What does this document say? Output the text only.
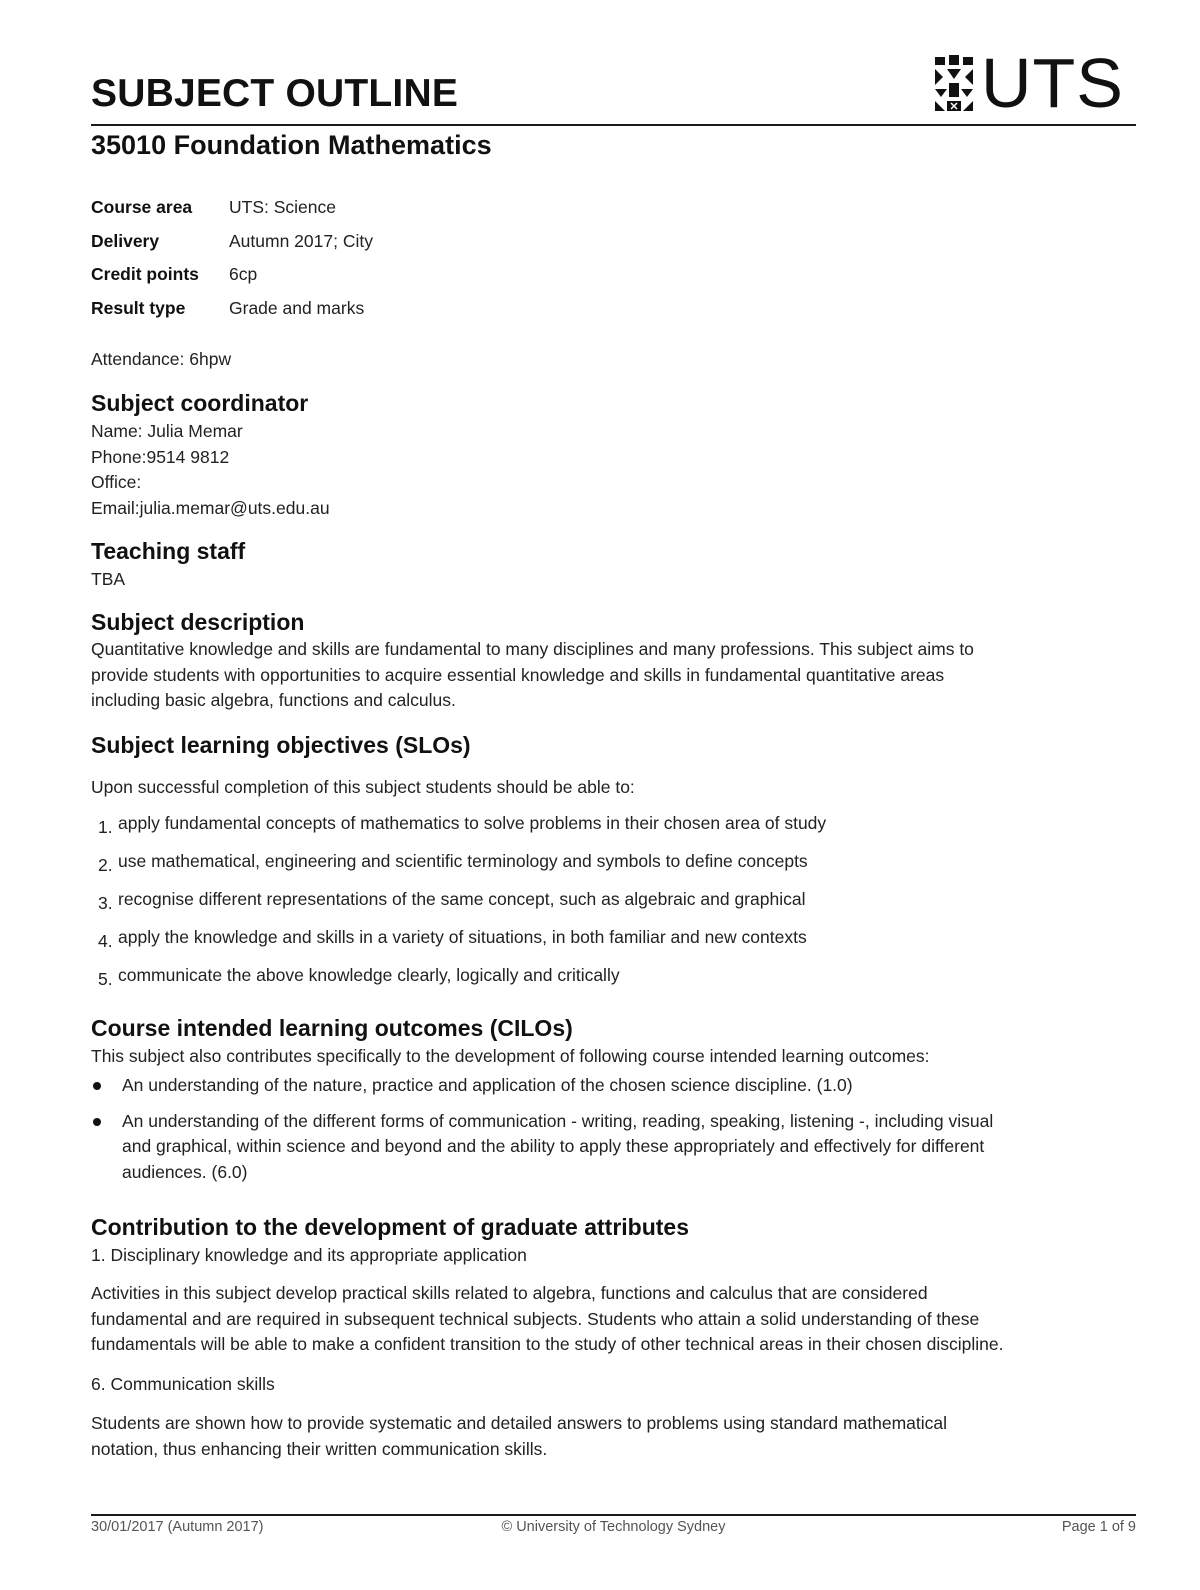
SUBJECT OUTLINE	UTS
35010 Foundation Mathematics
Course area	UTS: Science
Delivery	Autumn 2017; City
Credit points	6cp
Result type	Grade and marks
Attendance: 6hpw
Subject coordinator
Name: Julia Memar
Phone:9514 9812
Office:
Email:julia.memar@uts.edu.au
Teaching staff
TBA
Subject description
Quantitative knowledge and skills are fundamental to many disciplines and many professions. This subject aims to
provide students with opportunities to acquire essential knowledge and skills in fundamental quantitative areas
including basic algebra, functions and calculus.
Subject learning objectives (SLOs)
Upon successful completion of this subject students should be able to:
1. apply fundamental concepts of mathematics to solve problems in their chosen area of study
2. use mathematical, engineering and scientific terminology and symbols to define concepts
3. recognise different representations of the same concept, such as algebraic and graphical
4. apply the knowledge and skills in a variety of situations, in both familiar and new contexts
5. communicate the above knowledge clearly, logically and critically
Course intended learning outcomes (CILOs)
This subject also contributes specifically to the development of following course intended learning outcomes:
An understanding of the nature, practice and application of the chosen science discipline. (1.0)
An understanding of the different forms of communication - writing, reading, speaking, listening -, including visual
and graphical, within science and beyond and the ability to apply these appropriately and effectively for different
audiences. (6.0)
Contribution to the development of graduate attributes
1. Disciplinary knowledge and its appropriate application
Activities in this subject develop practical skills related to algebra, functions and calculus that are considered
fundamental and are required in subsequent technical subjects. Students who attain a solid understanding of these
fundamentals will be able to make a confident transition to the study of other technical areas in their chosen discipline.
6. Communication skills
Students are shown how to provide systematic and detailed answers to problems using standard mathematical
notation, thus enhancing their written communication skills.
30/01/2017 (Autumn 2017)	© University of Technology Sydney	Page 1 of 9
